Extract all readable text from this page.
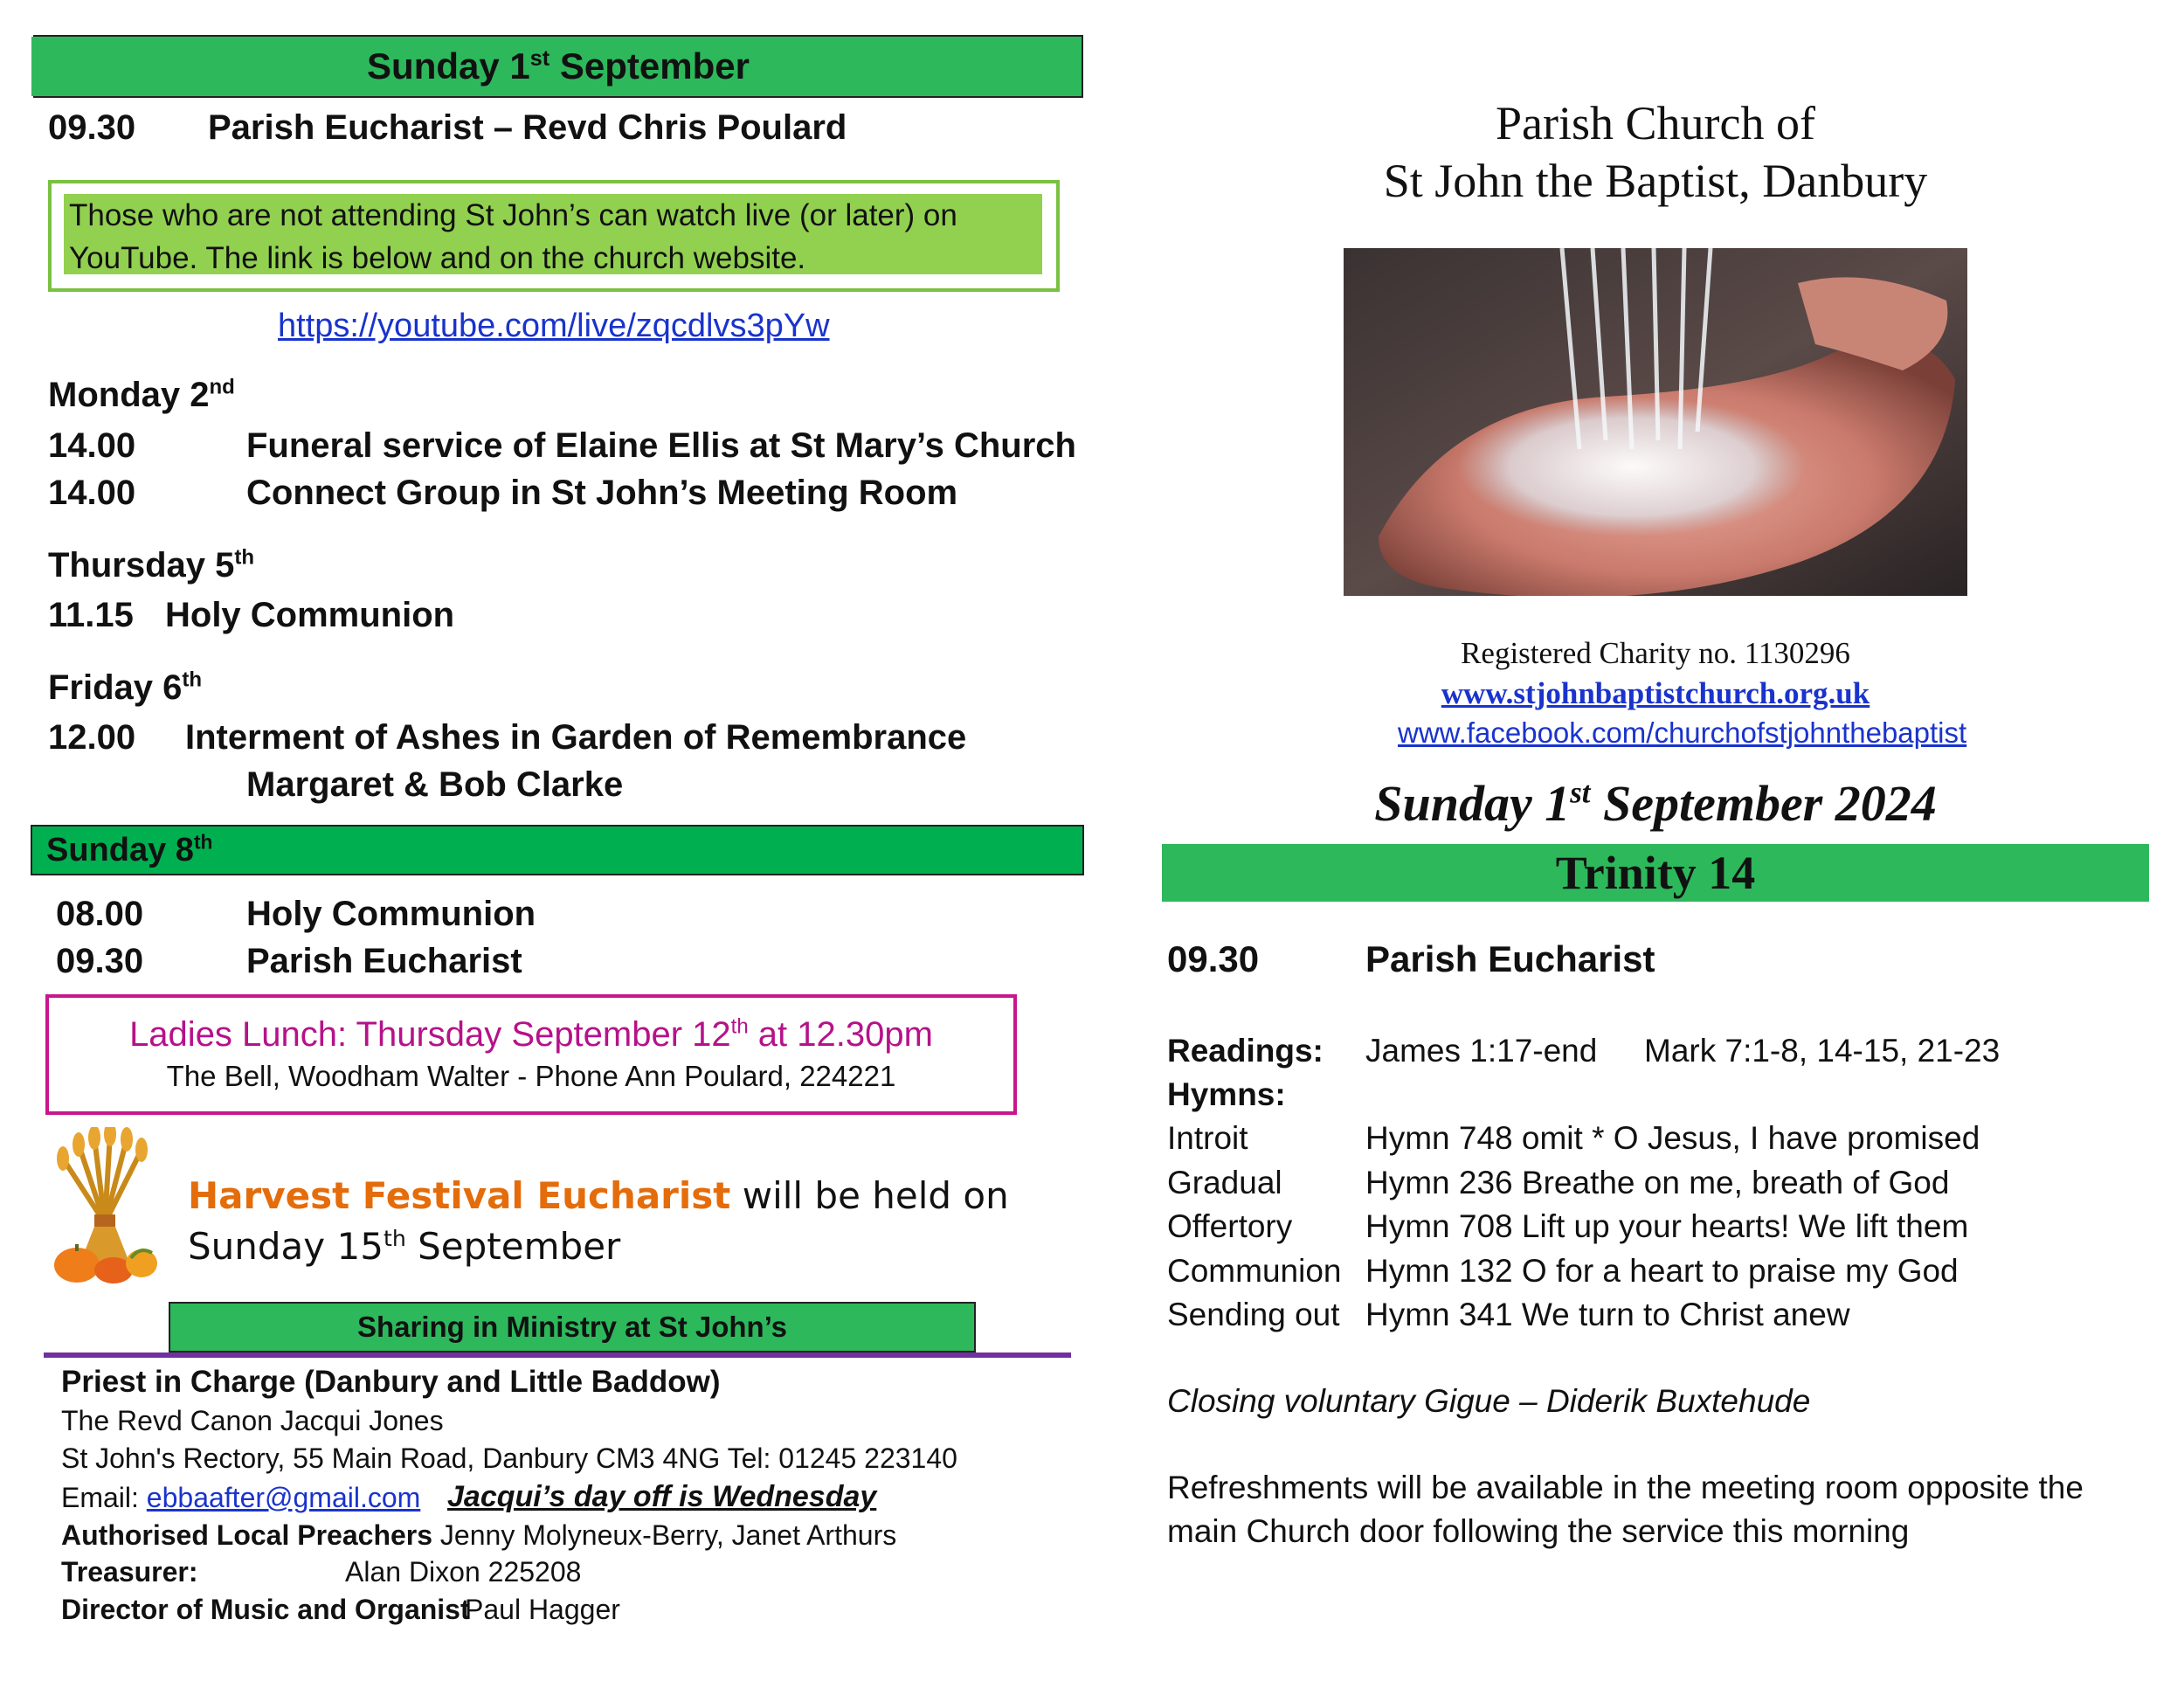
Sunday 1st September
09.30 Parish Eucharist – Revd Chris Poulard
Those who are not attending St John’s can watch live (or later) on YouTube. The link is below and on the church website.
https://youtube.com/live/zqcdlvs3pYw
Monday 2nd
14.00	Funeral service of Elaine Ellis at St Mary’s Church
14.00	Connect Group in St John’s Meeting Room
Thursday 5th
11.15 Holy Communion
Friday 6th
12.00 Interment of Ashes in Garden of Remembrance
Margaret & Bob Clarke
Sunday 8th
08.00	Holy Communion
09.30	Parish Eucharist
Ladies Lunch: Thursday September 12th at 12.30pm
The Bell, Woodham Walter - Phone Ann Poulard, 224221
Harvest Festival Eucharist will be held on
Sunday 15th September
Sharing in Ministry at St John’s
Priest in Charge (Danbury and Little Baddow)
The Revd Canon Jacqui Jones
St John's Rectory, 55 Main Road, Danbury CM3 4NG Tel: 01245 223140
Email: ebbaafter@gmail.com Jacqui’s day off is Wednesday
Authorised Local Preachers Jenny Molyneux-Berry, Janet Arthurs
Treasurer:	Alan Dixon 225208
Director of Music and Organist
Paul Hagger
Parish Church of
St John the Baptist, Danbury
Registered Charity no. 1130296
www.stjohnbaptistchurch.org.uk
www.facebook.com/churchofstjohnthebaptist
Sunday 1st September 2024
Trinity 14
09.30	Parish Eucharist
Readings: James 1:17-end Mark 7:1-8, 14-15, 21-23
Hymns:
Introit	Hymn 748 omit * O Jesus, I have promised
Gradual	Hymn 236 Breathe on me, breath of God
Offertory Hymn 708 Lift up your hearts! We lift them
Communion Hymn 132 O for a heart to praise my God
Sending out Hymn 341 We turn to Christ anew
Closing voluntary Gigue – Diderik Buxtehude
Refreshments will be available in the meeting room opposite the
main Church door following the service this morning
